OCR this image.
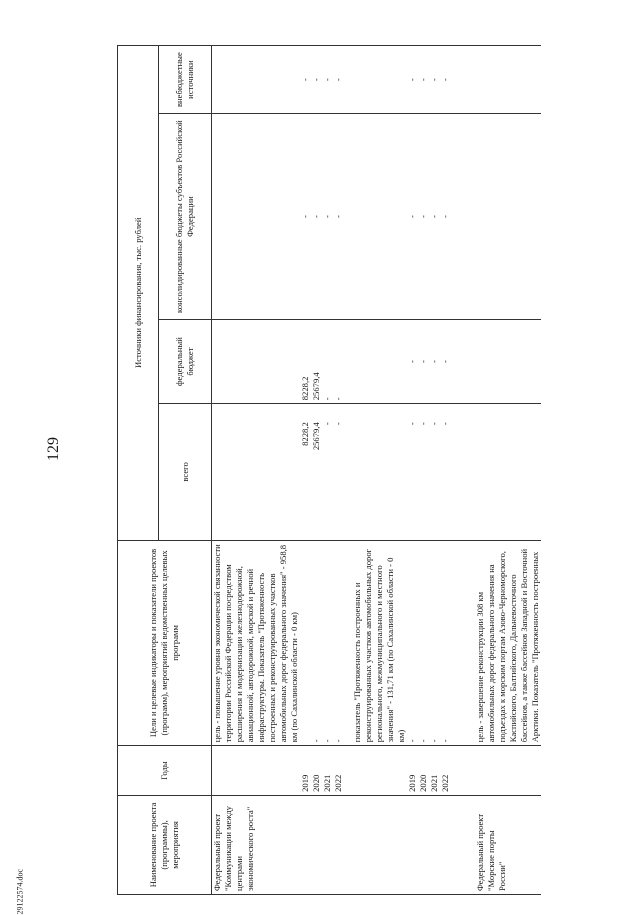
129
29122574.doc
Наименование проекта (программы), мероприятия	Годы	Цели и целевые индикаторы и показатели проектов (программ), мероприятий ведомственных целевых программ	Источники финансирования, тыс. рублей			
			всего	федеральный бюджет	консолидированные бюджеты субъектов Российской Федерации	внебюджетные источники
Федеральный проект "Коммуникации между центрами экономического роста"		цель - повышение уровня экономической связанности территории Российской Федерации посредством расширения и модернизации железнодорожной, авиационной, автодорожной, морской и речной инфраструктуры. Показатель "Протяженность построенных и реконструированных участков автомобильных дорог федерального значения" - 958,8 км (по Сахалинской области - 0 км)				
	2019		8228,2	8228,2	-	-
	2020	-	25679,4	25679,4	-	-
	2021	-	-	-	-	-
	2022	-	-	-	-	-

		показатель "Протяженность построенных и реконструированных участков автомобильных дорог регионального, межмуниципального и местного значения" - 131,71 км (по Сахалинской области - 0 км)				
	2019	-	-	-	-	-
	2020	-	-	-	-	-
	2021	-	-	-	-	-
	2022	-	-	-	-	-

Федеральный проект "Морские порты России"		цель - завершение реконструкции 308 км автомобильных дорог федерального значения на подъездах к морским портам Азово-Черноморского, Каспийского, Балтийского, Дальневосточного бассейнов, а также бассейнов Западной и Восточной Арктики. Показатель "Протяженность построенных				
